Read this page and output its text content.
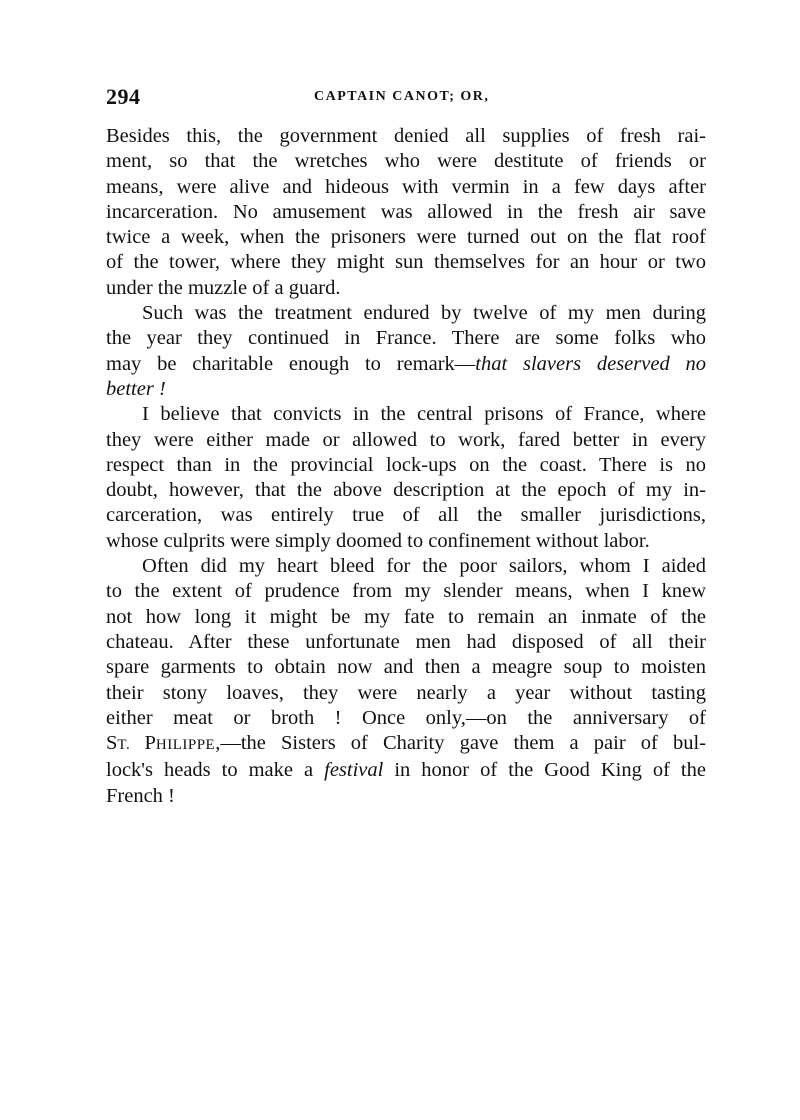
294	CAPTAIN CANOT; OR,
Besides this, the government denied all supplies of fresh rai-
ment, so that the wretches who were destitute of friends or
means, were alive and hideous with vermin in a few days after
incarceration. No amusement was allowed in the fresh air save
twice a week, when the prisoners were turned out on the flat roof
of the tower, where they might sun themselves for an hour or two
under the muzzle of a guard.
Such was the treatment endured by twelve of my men during
the year they continued in France. There are some folks who
may be charitable enough to remark—that slavers deserved no
better !
I believe that convicts in the central prisons of France, where
they were either made or allowed to work, fared better in every
respect than in the provincial lock-ups on the coast. There is no
doubt, however, that the above description at the epoch of my in-
carceration, was entirely true of all the smaller jurisdictions,
whose culprits were simply doomed to confinement without labor.
Often did my heart bleed for the poor sailors, whom I aided
to the extent of prudence from my slender means, when I knew
not how long it might be my fate to remain an inmate of the
chateau. After these unfortunate men had disposed of all their
spare garments to obtain now and then a meagre soup to moisten
their stony loaves, they were nearly a year without tasting
either meat or broth ! Once only,—on the anniversary of
ST. PHILIPPE,—the Sisters of Charity gave them a pair of bul-
lock's heads to make a festival in honor of the Good King of the
French !
